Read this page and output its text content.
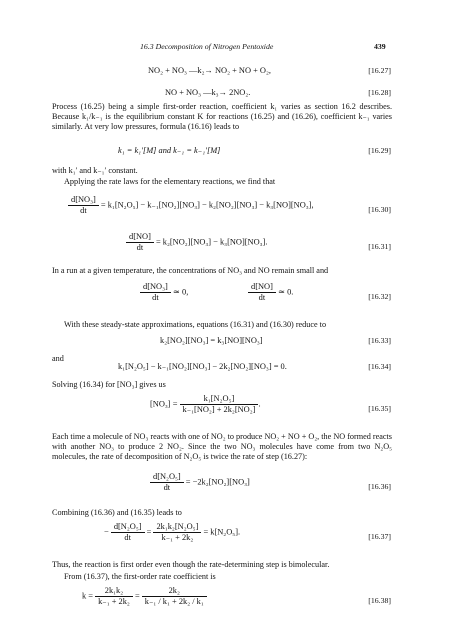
16.3 Decomposition of Nitrogen Pentoxide	439
NO₂ + NO₃ —k₂→ NO₂ + NO + O₂,	[16.27]
NO + NO₃ —k₃→ 2NO₂.	[16.28]
Process (16.25) being a simple first-order reaction, coefficient k₁ varies as section 16.2 describes. Because k₁/k₋₁ is the equilibrium constant K for reactions (16.25) and (16.26), coefficient k₋₁ varies similarly. At very low pressures, formula (16.16) leads to
k₁ = k₁′[M] and k₋₁ = k₋₁′[M]	[16.29]
with k₁′ and k₋₁′ constant.
Applying the rate laws for the elementary reactions, we find that
$\frac{\text{d[NO₃]}}{dt} = k_1[N_2O_5] - k_{-1}[NO_2][NO_3] - k_2[NO_2][NO_3] - k_3[NO][NO_3]$,	[16.30]
$\frac{d[NO]}{dt} = k_2[NO_2][NO_3] - k_3[NO][NO_3]$.	[16.31]
In a run at a given temperature, the concentrations of NO₃ and NO remain small and
$\frac{\text{d[NO₃]}}{dt}$ ≃ 0,	$\frac{d[NO]}{dt}$ ≃ 0.	[16.32]
With these steady-state approximations, equations (16.31) and (16.30) reduce to
k₂[NO₂][NO₃] = k₃[NO][NO₃]	[16.33]
and
k₁[N₂O₅] − k₋₁[NO₂][NO₃] − 2k₂[NO₂][NO₃] = 0.	[16.34]
Solving (16.34) for [NO₃] gives us
$[NO_3] = \frac{\text{k₁[N₂O₅]}}{\text{k₋₁[NO₂] + 2k₂[NO₂]}}$ .	[16.35]
Each time a molecule of NO₃ reacts with one of NO₂ to produce NO₂ + NO + O₂, the NO formed reacts with another NO₃ to produce 2 NO₂. Since the two NO₃ molecules have come from two N₂O₅ molecules, the rate of decomposition of N₂O₅ is twice the rate of step (16.27):
$\frac{\text{d[N₂O₅]}}{dt} = -2k_2[NO_2][NO_3]$	[16.36]
Combining (16.36) and (16.35) leads to
− $\frac{\text{d[N₂O₅]}}{dt} = \frac{\text{2k₁k₂[N₂O₅]}}{\text{k₋₁ + 2k₂}} = k[N_2O_5]$.	[16.37]
Thus, the reaction is first order even though the rate-determining step is bimolecular.
From (16.37), the first-order rate coefficient is
$k = \frac{\text{2k₁k₂}}{\text{k₋₁ + 2k₂}} = \frac{\text{2k₂}}{\text{k₋₁ / k₁ + 2k₂ / k₁}}$	[16.38]
